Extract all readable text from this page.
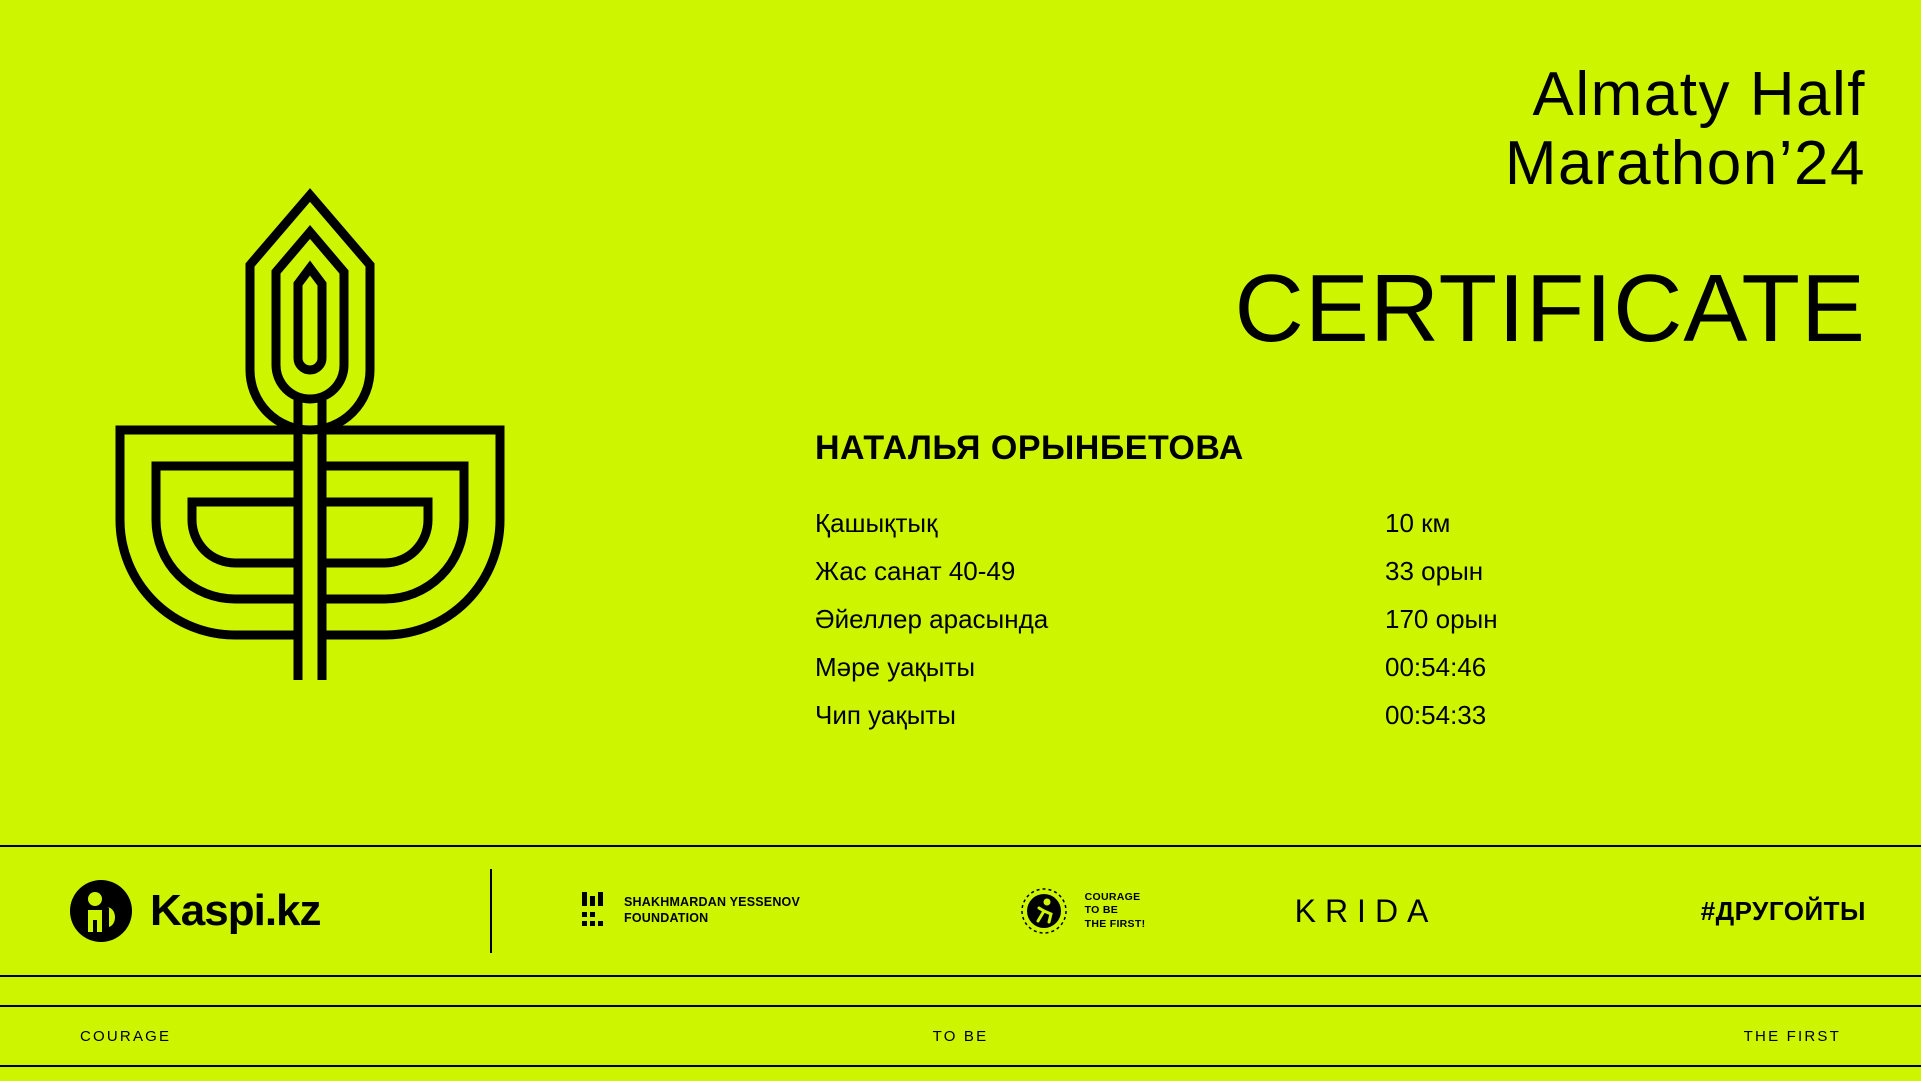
Almaty Half
Marathon’24
CERTIFICATE
НАТАЛЬЯ ОРЫНБЕТОВА
Қашықтық	10 км
Жас санат 40-49	33 орын
Әйеллер арасында	170 орын
Мәре уақыты	00:54:46
Чип уақыты	00:54:33
Kaspi.kz	SHAKHMARDAN YESSENOV
FOUNDATION
COURAGE
TO BE
THE FIRST!	KRIDA	#ДРУГОЙТЫ
COURAGE	TO BE	THE FIRST
